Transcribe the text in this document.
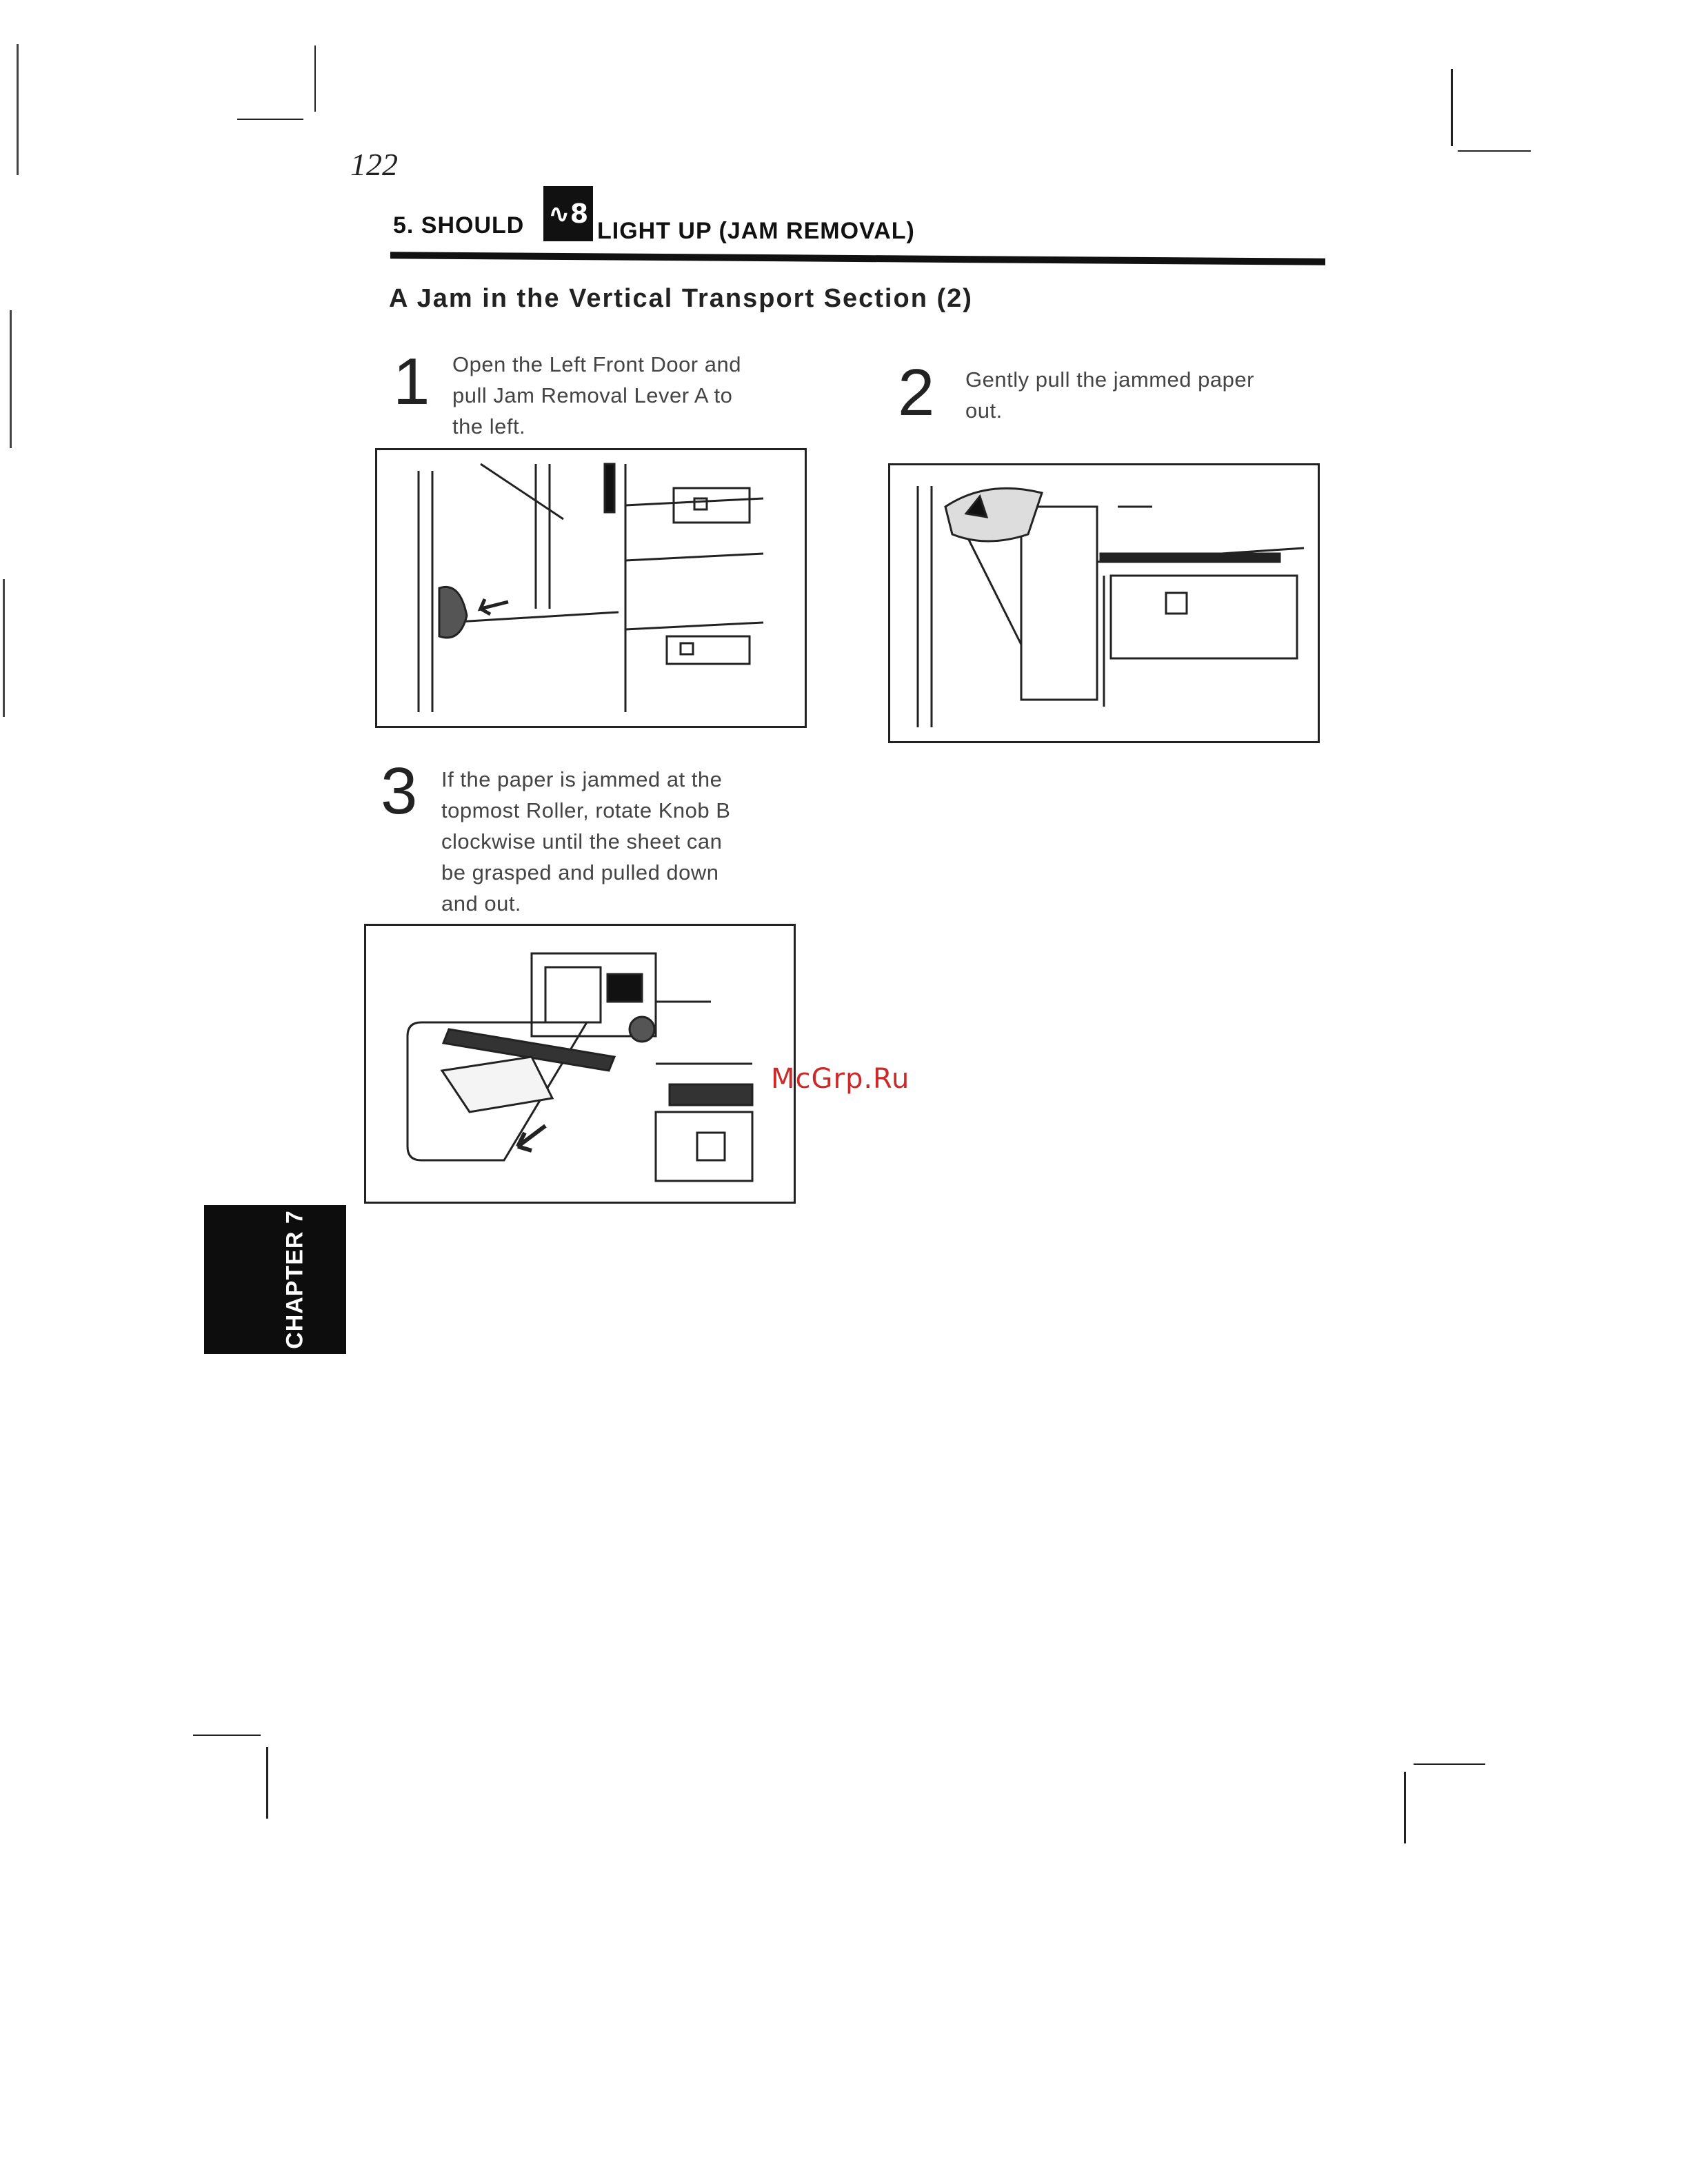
122
5. SHOULD ∿8
LIGHT UP (JAM REMOVAL)
A Jam in the Vertical Transport Section (2)
1 Open the Left Front Door and
pull Jam Removal Lever A to
the left.	2 Gently pull the jammed paper
out.
3 If the paper is jammed at the
topmost Roller, rotate Knob B
clockwise until the sheet can
be grasped and pulled down
and out.
McGrp.Ru
CHAPTER 7
